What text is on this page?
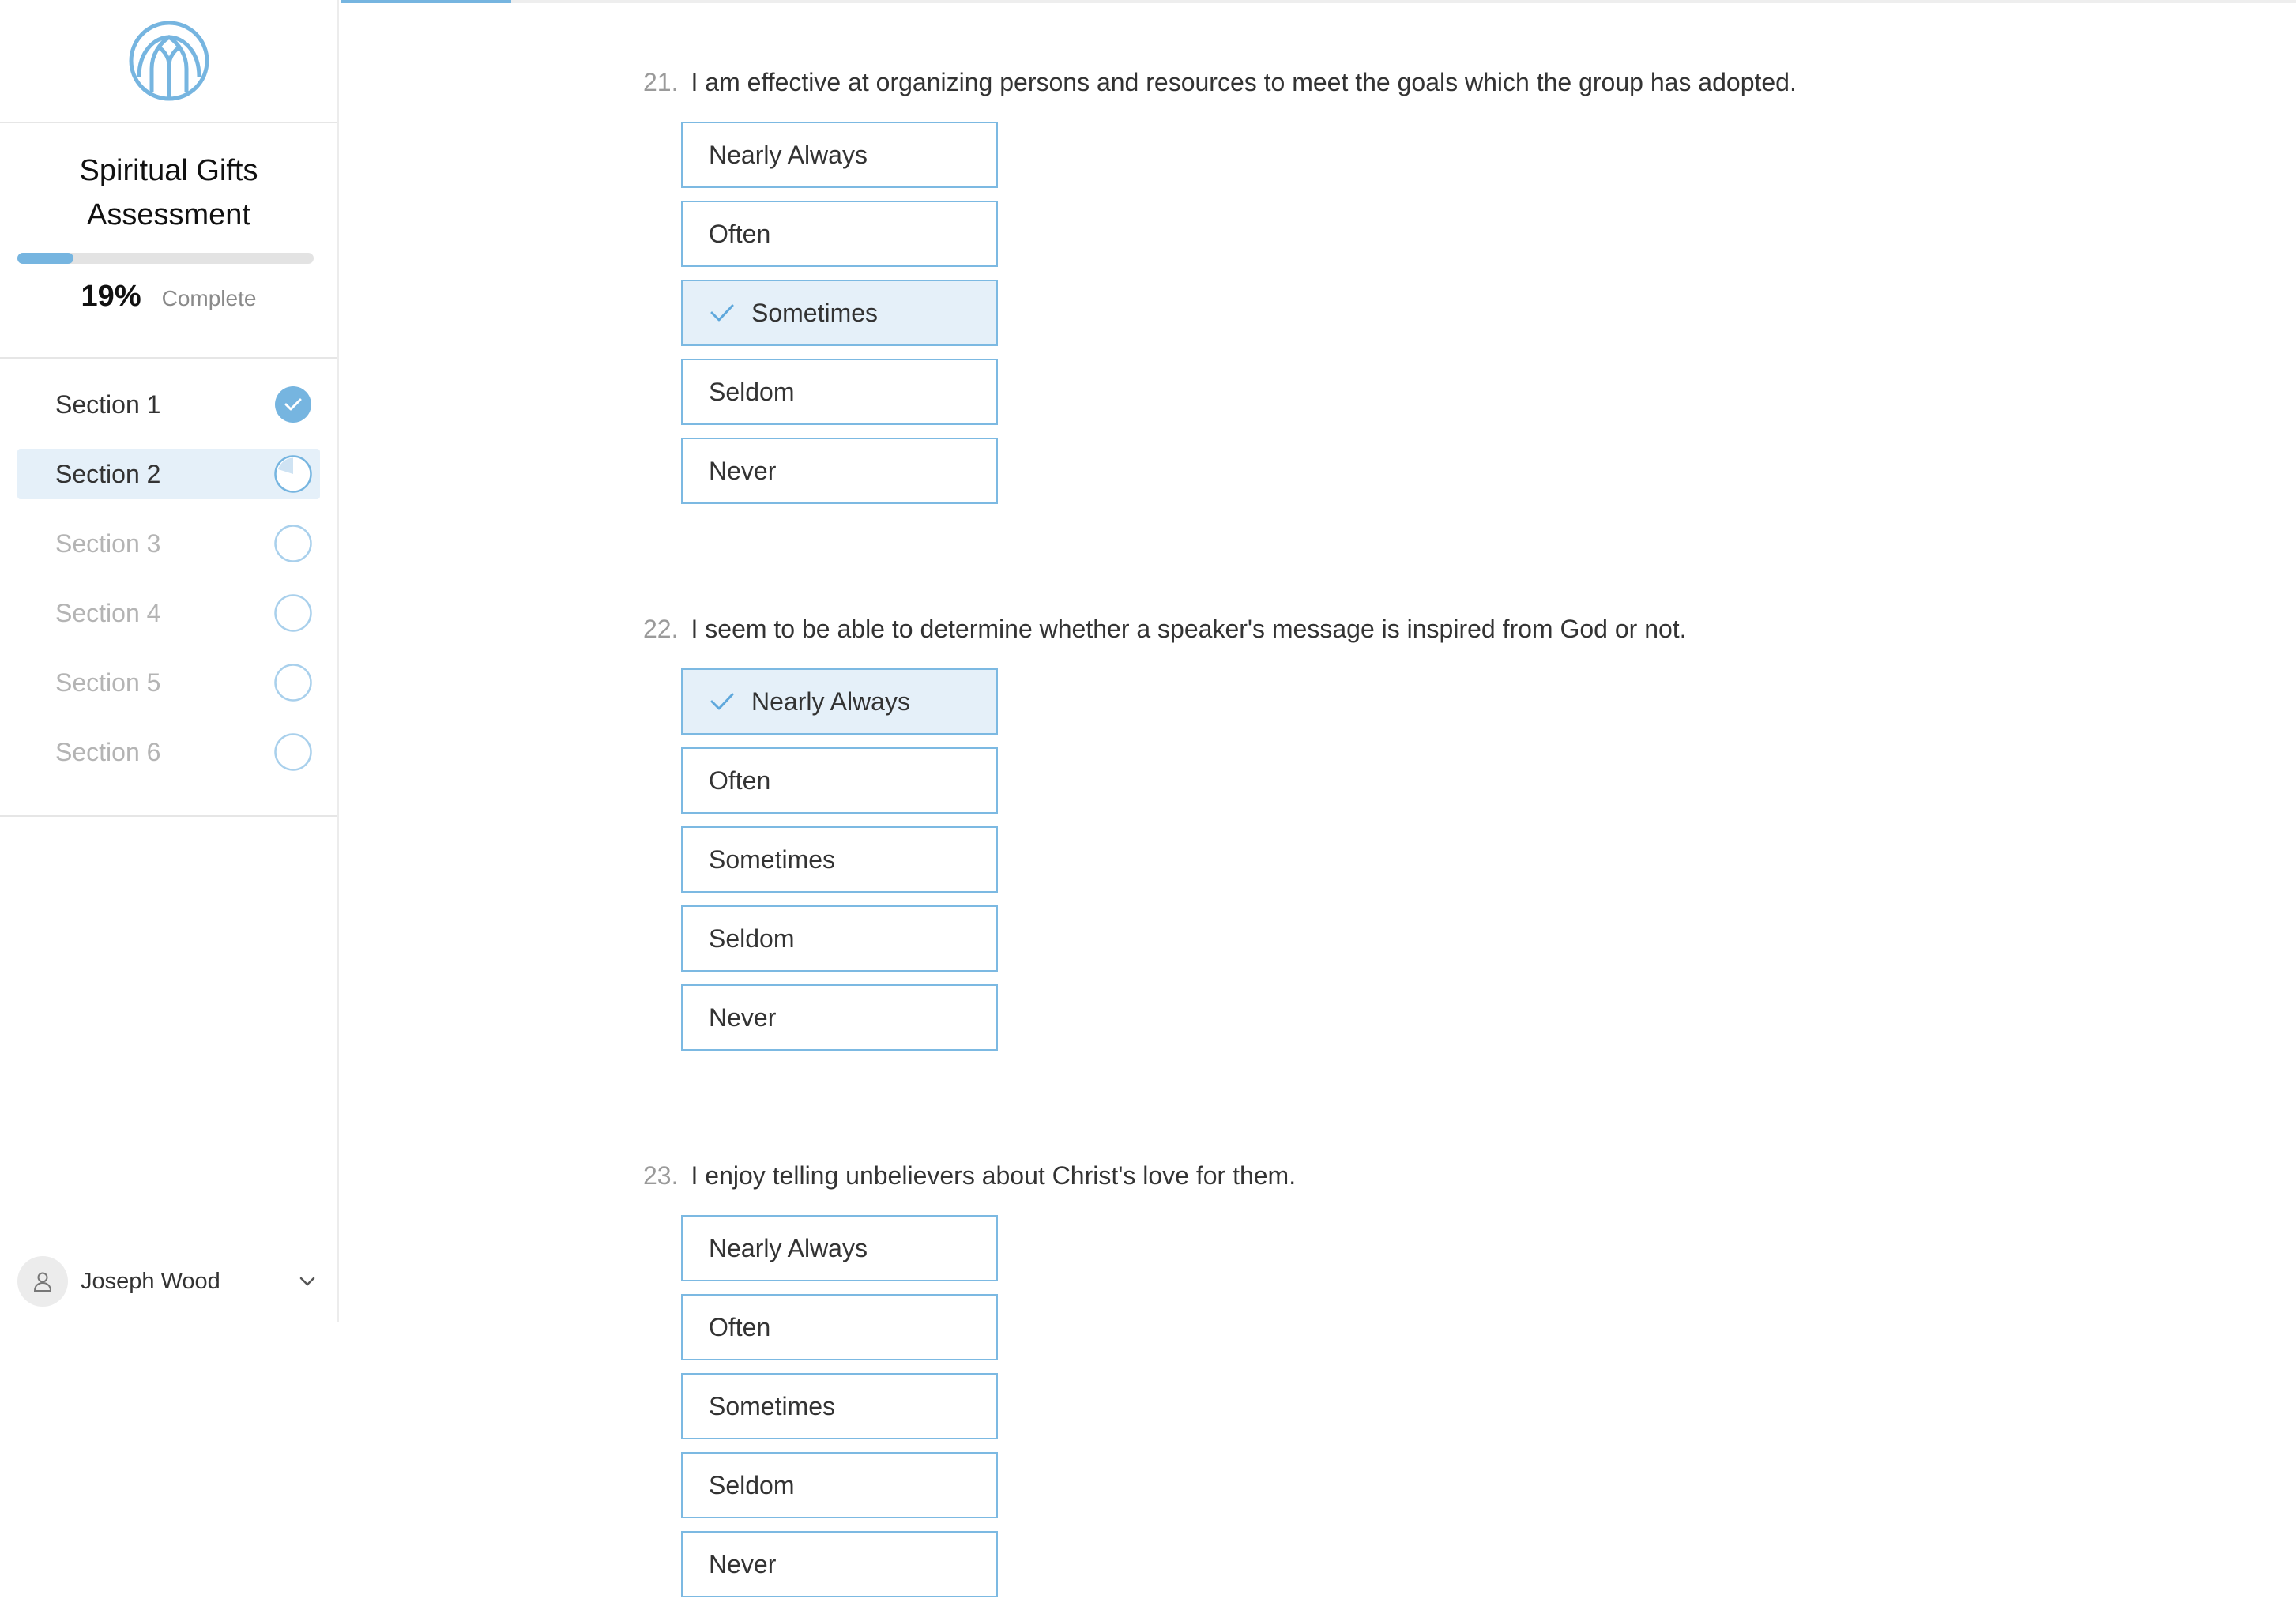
Spiritual Gifts Assessment
19% Complete
Section 1
Section 2
Section 3
Section 4
Section 5
Section 6
Joseph Wood

21. I am effective at organizing persons and resources to meet the goals which the group has adopted.

Nearly Always
Often
Sometimes
Seldom
Never

22. I seem to be able to determine whether a speaker's message is inspired from God or not.

Nearly Always
Often
Sometimes
Seldom
Never

23. I enjoy telling unbelievers about Christ's love for them.

Nearly Always
Often
Sometimes
Seldom
Never
